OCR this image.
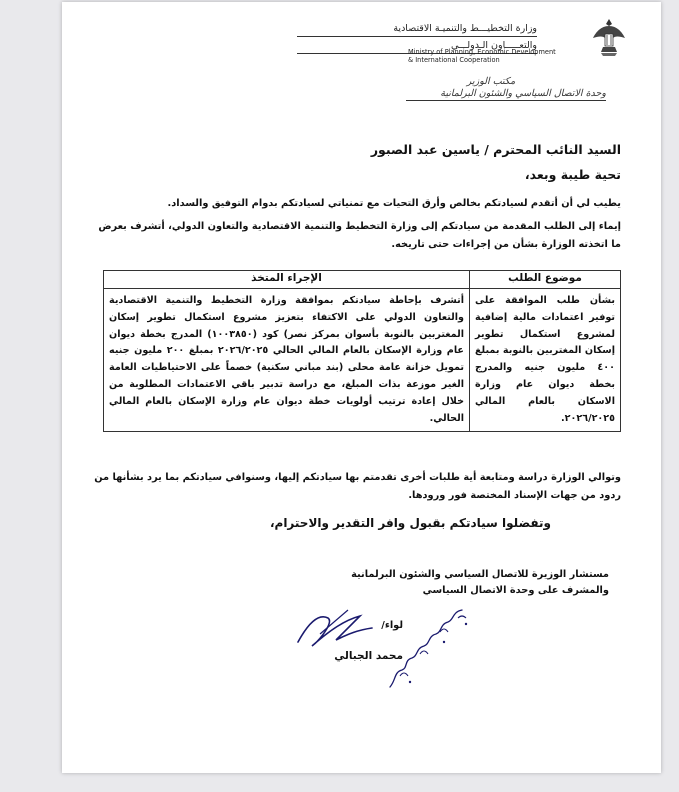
وزارة التخطيـــط والتنميـة الاقتصادية
والتعـــــاون الـدولـــي
Ministry of Planning, Economic Development
& International Cooperation
مكتب الوزير
وحدة الاتصال السياسي والشئون البرلمانية
السيد النائب المحترم / ياسين عبد الصبور
تحية طيبة وبعد،
يطيب لي أن أتقدم لسيادتكم بخالص وأرق التحيات مع تمنياتي لسيادتكم بدوام التوفيق والسداد.
إيماء إلى الطلب المقدمة من سيادتكم إلى وزارة التخطيط والتنمية الاقتصادية والتعاون الدولي، أتشرف بعرض ما اتخذته الوزارة بشأن من إجراءات حتى تاريخه.
موضوع الطلب	الإجراء المتخذ
بشأن طلب الموافقة على توفير اعتمادات مالية إضافية لمشروع استكمال تطوير إسكان المغتربين بالنوبة بمبلغ ٤٠٠ مليون جنيه والمدرج بخطة ديوان عام وزارة الاسكان بالعام المالي ٢٠٢٦/٢٠٢٥.	أتشرف بإحاطة سيادتكم بموافقة وزارة التخطيط والتنمية الاقتصادية والتعاون الدولي على الاكتفاء بتعزيز مشروع استكمال تطوير إسكان المغتربين بالنوبة بأسوان بمركز نصر) كود (١٠٠٣٨٥٠) المدرج بخطة ديوان عام وزارة الإسكان بالعام المالي الحالي ٢٠٢٦/٢٠٢٥ بمبلغ ٢٠٠ مليون جنيه تمويل خزانة عامة محلى (بند مباني سكنية) خصماً على الاحتياطيات العامة الغير موزعة بذات المبلغ، مع دراسة تدبير باقي الاعتمادات المطلوبة من خلال إعادة ترتيب أولويات خطة ديوان عام وزارة الإسكان بالعام المالي الحالي.
وتوالي الوزارة دراسة ومتابعة أية طلبات أخرى تقدمتم بها سيادتكم إليها، وسنوافي سيادتكم بما يرد بشأنها من ردود من جهات الإسناد المختصة فور ورودها.
وتفضلوا سيادتكم بقبول وافر التقدير والاحترام،
مستشار الوزيرة للاتصال السياسي والشئون البرلمانية
والمشرف على وحدة الاتصال السياسي
لواء/
محمد الجبالي
